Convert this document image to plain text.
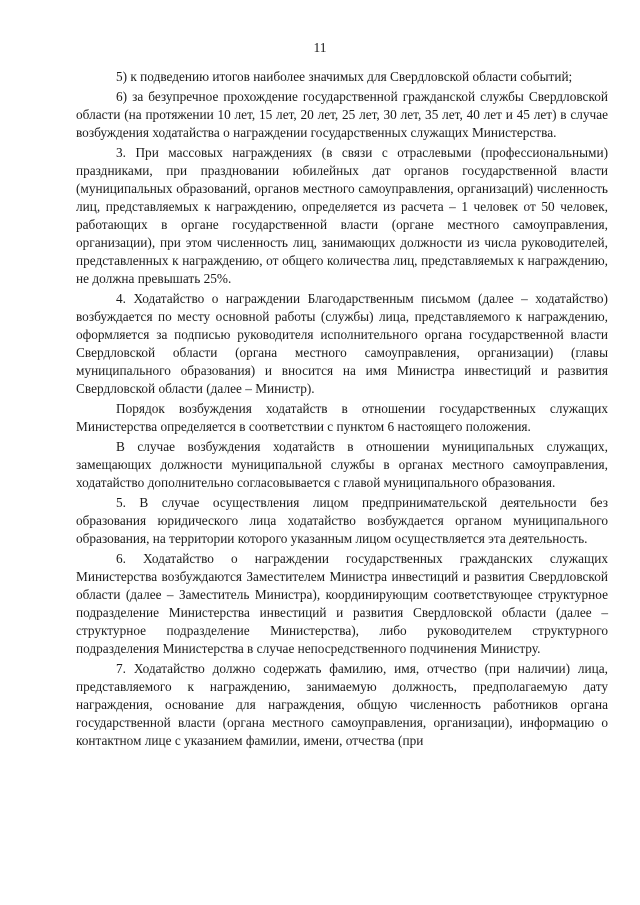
11

5) к подведению итогов наиболее значимых для Свердловской области событий;

6) за безупречное прохождение государственной гражданской службы Свердловской области (на протяжении 10 лет, 15 лет, 20 лет, 25 лет, 30 лет, 35 лет, 40 лет и 45 лет) в случае возбуждения ходатайства о награждении государственных служащих Министерства.

3. При массовых награждениях (в связи с отраслевыми (профессиональными) праздниками, при праздновании юбилейных дат органов государственной власти (муниципальных образований, органов местного самоуправления, организаций) численность лиц, представляемых к награждению, определяется из расчета – 1 человек от 50 человек, работающих в органе государственной власти (органе местного самоуправления, организации), при этом численность лиц, занимающих должности из числа руководителей, представленных к награждению, от общего количества лиц, представляемых к награждению, не должна превышать 25%.

4. Ходатайство о награждении Благодарственным письмом (далее – ходатайство) возбуждается по месту основной работы (службы) лица, представляемого к награждению, оформляется за подписью руководителя исполнительного органа государственной власти Свердловской области (органа местного самоуправления, организации) (главы муниципального образования) и вносится на имя Министра инвестиций и развития Свердловской области (далее – Министр).

Порядок возбуждения ходатайств в отношении государственных служащих Министерства определяется в соответствии с пунктом 6 настоящего положения.

В случае возбуждения ходатайств в отношении муниципальных служащих, замещающих должности муниципальной службы в органах местного самоуправления, ходатайство дополнительно согласовывается с главой муниципального образования.

5. В случае осуществления лицом предпринимательской деятельности без образования юридического лица ходатайство возбуждается органом муниципального образования, на территории которого указанным лицом осуществляется эта деятельность.

6. Ходатайство о награждении государственных гражданских служащих Министерства возбуждаются Заместителем Министра инвестиций и развития Свердловской области (далее – Заместитель Министра), координирующим соответствующее структурное подразделение Министерства инвестиций и развития Свердловской области (далее – структурное подразделение Министерства), либо руководителем структурного подразделения Министерства в случае непосредственного подчинения Министру.

7. Ходатайство должно содержать фамилию, имя, отчество (при наличии) лица, представляемого к награждению, занимаемую должность, предполагаемую дату награждения, основание для награждения, общую численность работников органа государственной власти (органа местного самоуправления, организации), информацию о контактном лице с указанием фамилии, имени, отчества (при
